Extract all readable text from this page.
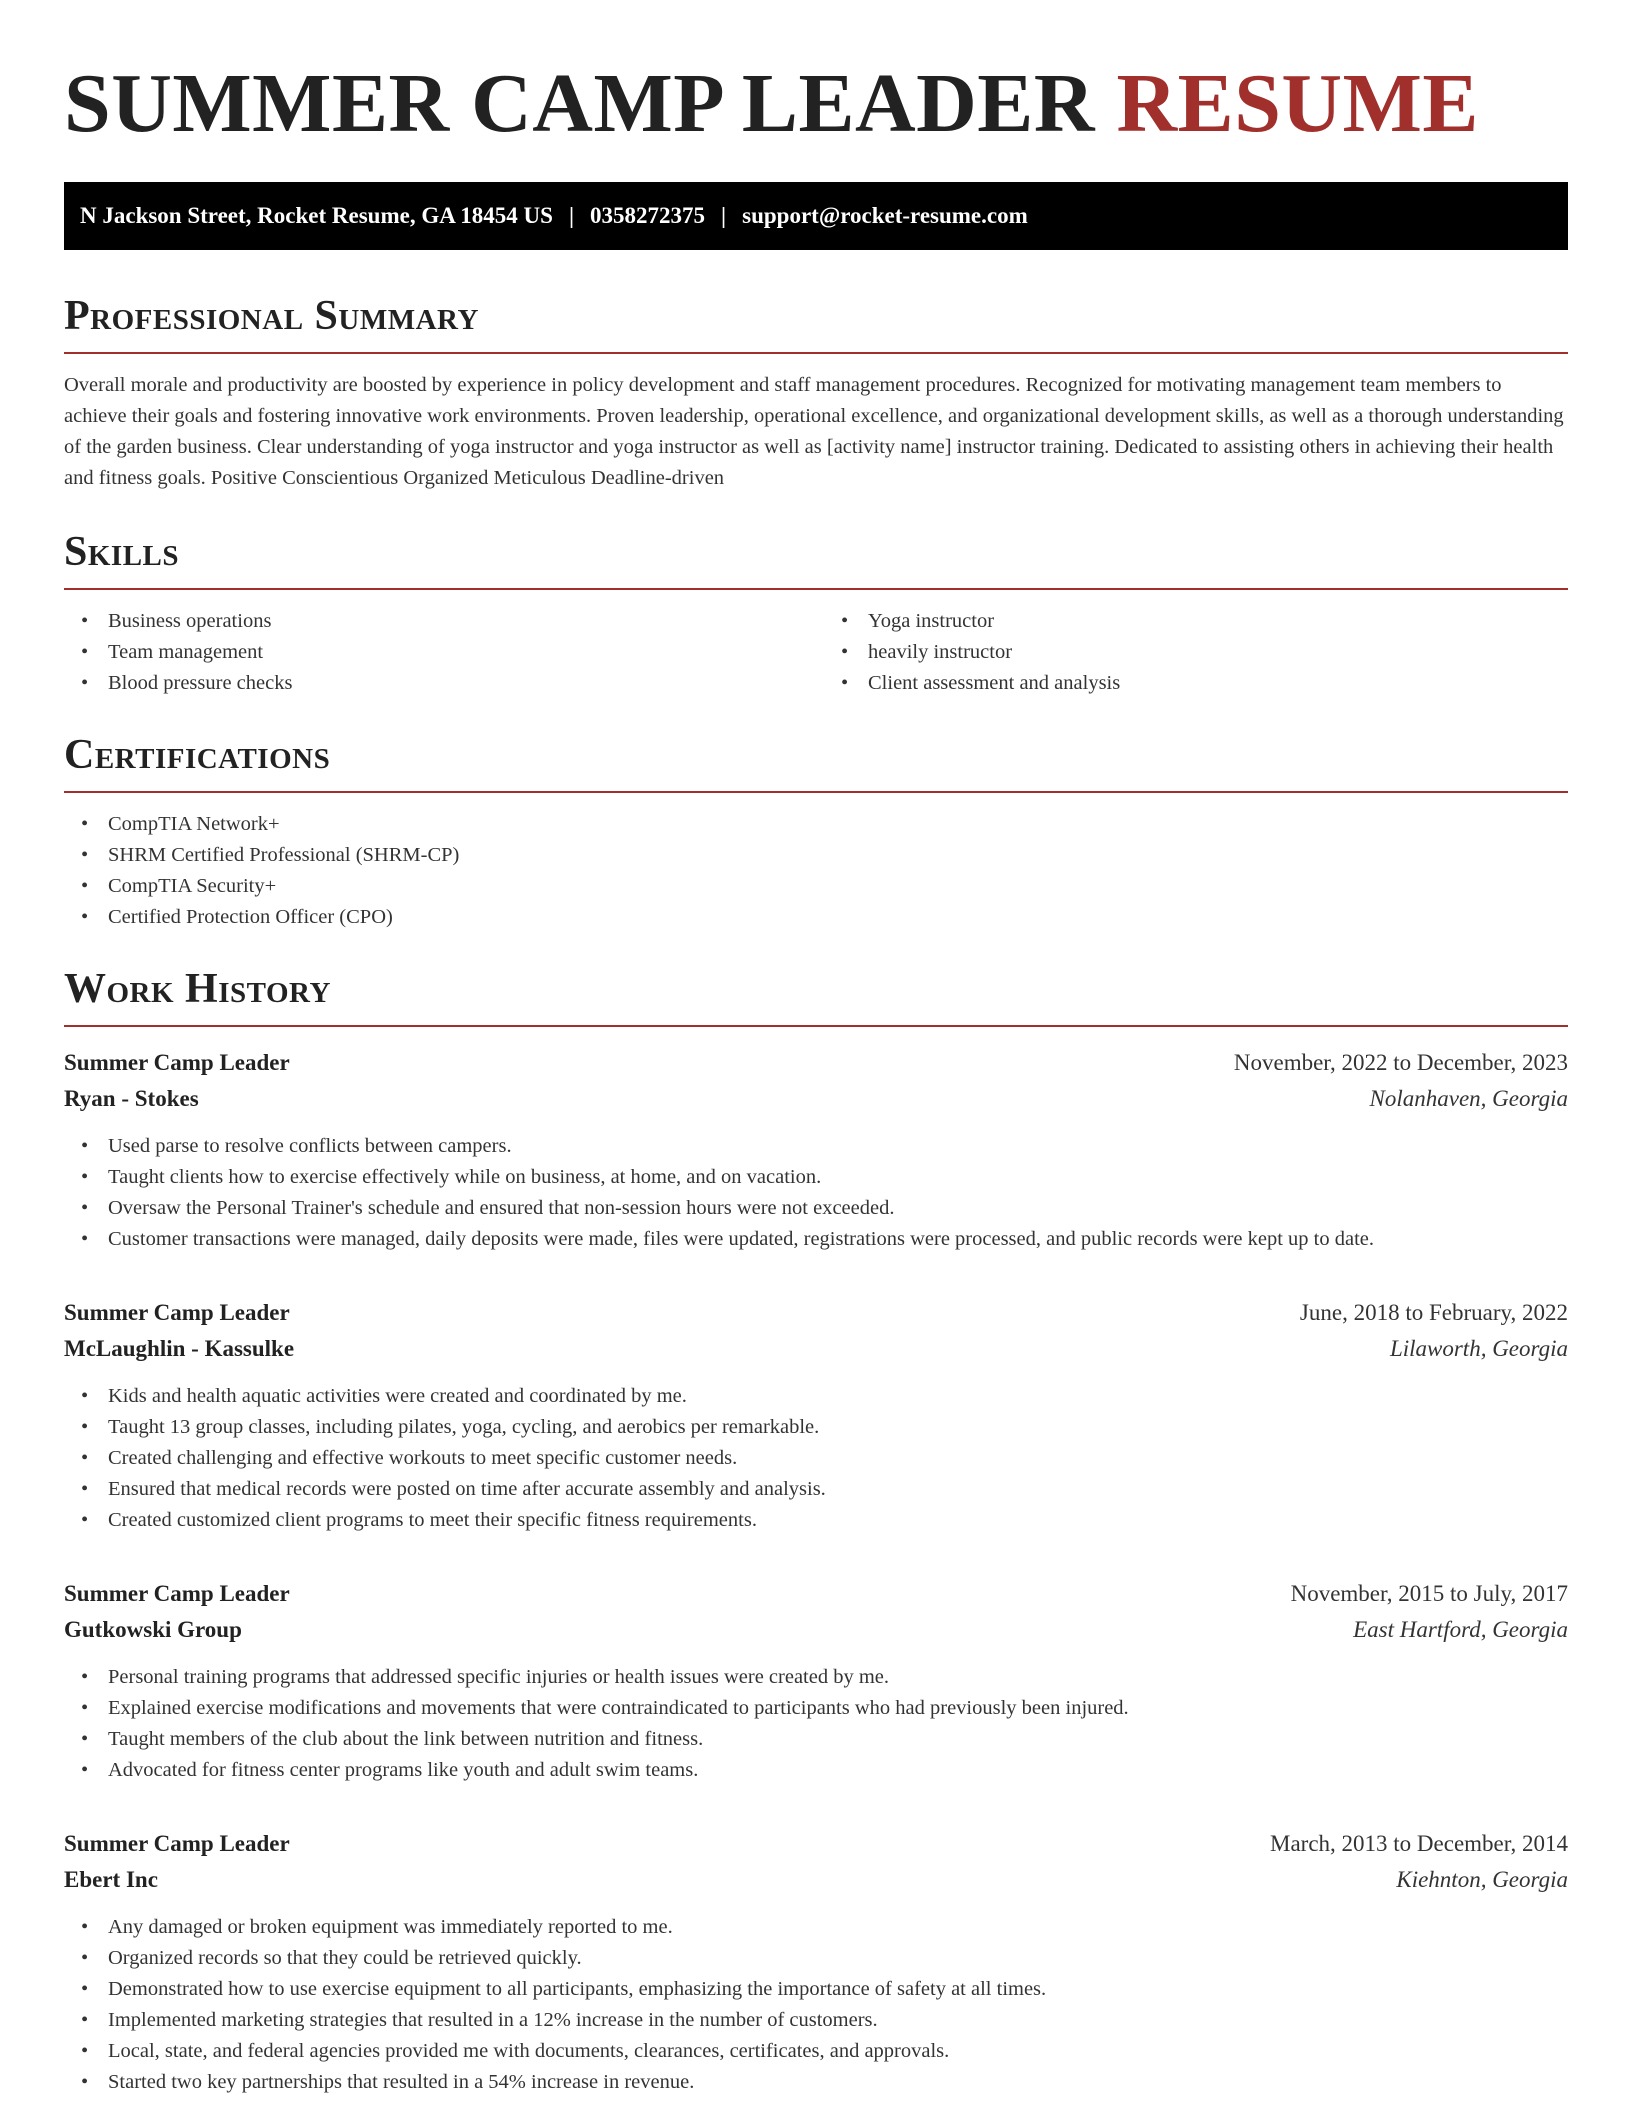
SUMMER CAMP LEADER RESUME
N Jackson Street, Rocket Resume, GA 18454 US | 0358272375 | support@rocket-resume.com
Professional Summary

Overall morale and productivity are boosted by experience in policy development and staff management procedures. Recognized for motivating management team members to achieve their goals and fostering innovative work environments. Proven leadership, operational excellence, and organizational development skills, as well as a thorough understanding of the garden business. Clear understanding of yoga instructor and yoga instructor as well as [activity name] instructor training. Dedicated to assisting others in achieving their health and fitness goals. Positive Conscientious Organized Meticulous Deadline-driven

Skills
• Business operations
• Team management
• Blood pressure checks
• Yoga instructor
• heavily instructor
• Client assessment and analysis
Certifications
• CompTIA Network+
• SHRM Certified Professional (SHRM-CP)
• CompTIA Security+
• Certified Protection Officer (CPO)
Work History
Summer Camp Leader	November, 2022 to December, 2023
Ryan - Stokes	Nolanhaven, Georgia
• Used parse to resolve conflicts between campers.
• Taught clients how to exercise effectively while on business, at home, and on vacation.
• Oversaw the Personal Trainer's schedule and ensured that non-session hours were not exceeded.
• Customer transactions were managed, daily deposits were made, files were updated, registrations were processed, and public records were kept up to date.
Summer Camp Leader	June, 2018 to February, 2022
McLaughlin - Kassulke	Lilaworth, Georgia
• Kids and health aquatic activities were created and coordinated by me.
• Taught 13 group classes, including pilates, yoga, cycling, and aerobics per remarkable.
• Created challenging and effective workouts to meet specific customer needs.
• Ensured that medical records were posted on time after accurate assembly and analysis.
• Created customized client programs to meet their specific fitness requirements.
Summer Camp Leader	November, 2015 to July, 2017
Gutkowski Group	East Hartford, Georgia
• Personal training programs that addressed specific injuries or health issues were created by me.
• Explained exercise modifications and movements that were contraindicated to participants who had previously been injured.
• Taught members of the club about the link between nutrition and fitness.
• Advocated for fitness center programs like youth and adult swim teams.
Summer Camp Leader	March, 2013 to December, 2014
Ebert Inc	Kiehnton, Georgia
• Any damaged or broken equipment was immediately reported to me.
• Organized records so that they could be retrieved quickly.
• Demonstrated how to use exercise equipment to all participants, emphasizing the importance of safety at all times.
• Implemented marketing strategies that resulted in a 12% increase in the number of customers.
• Local, state, and federal agencies provided me with documents, clearances, certificates, and approvals.
• Started two key partnerships that resulted in a 54% increase in revenue.
